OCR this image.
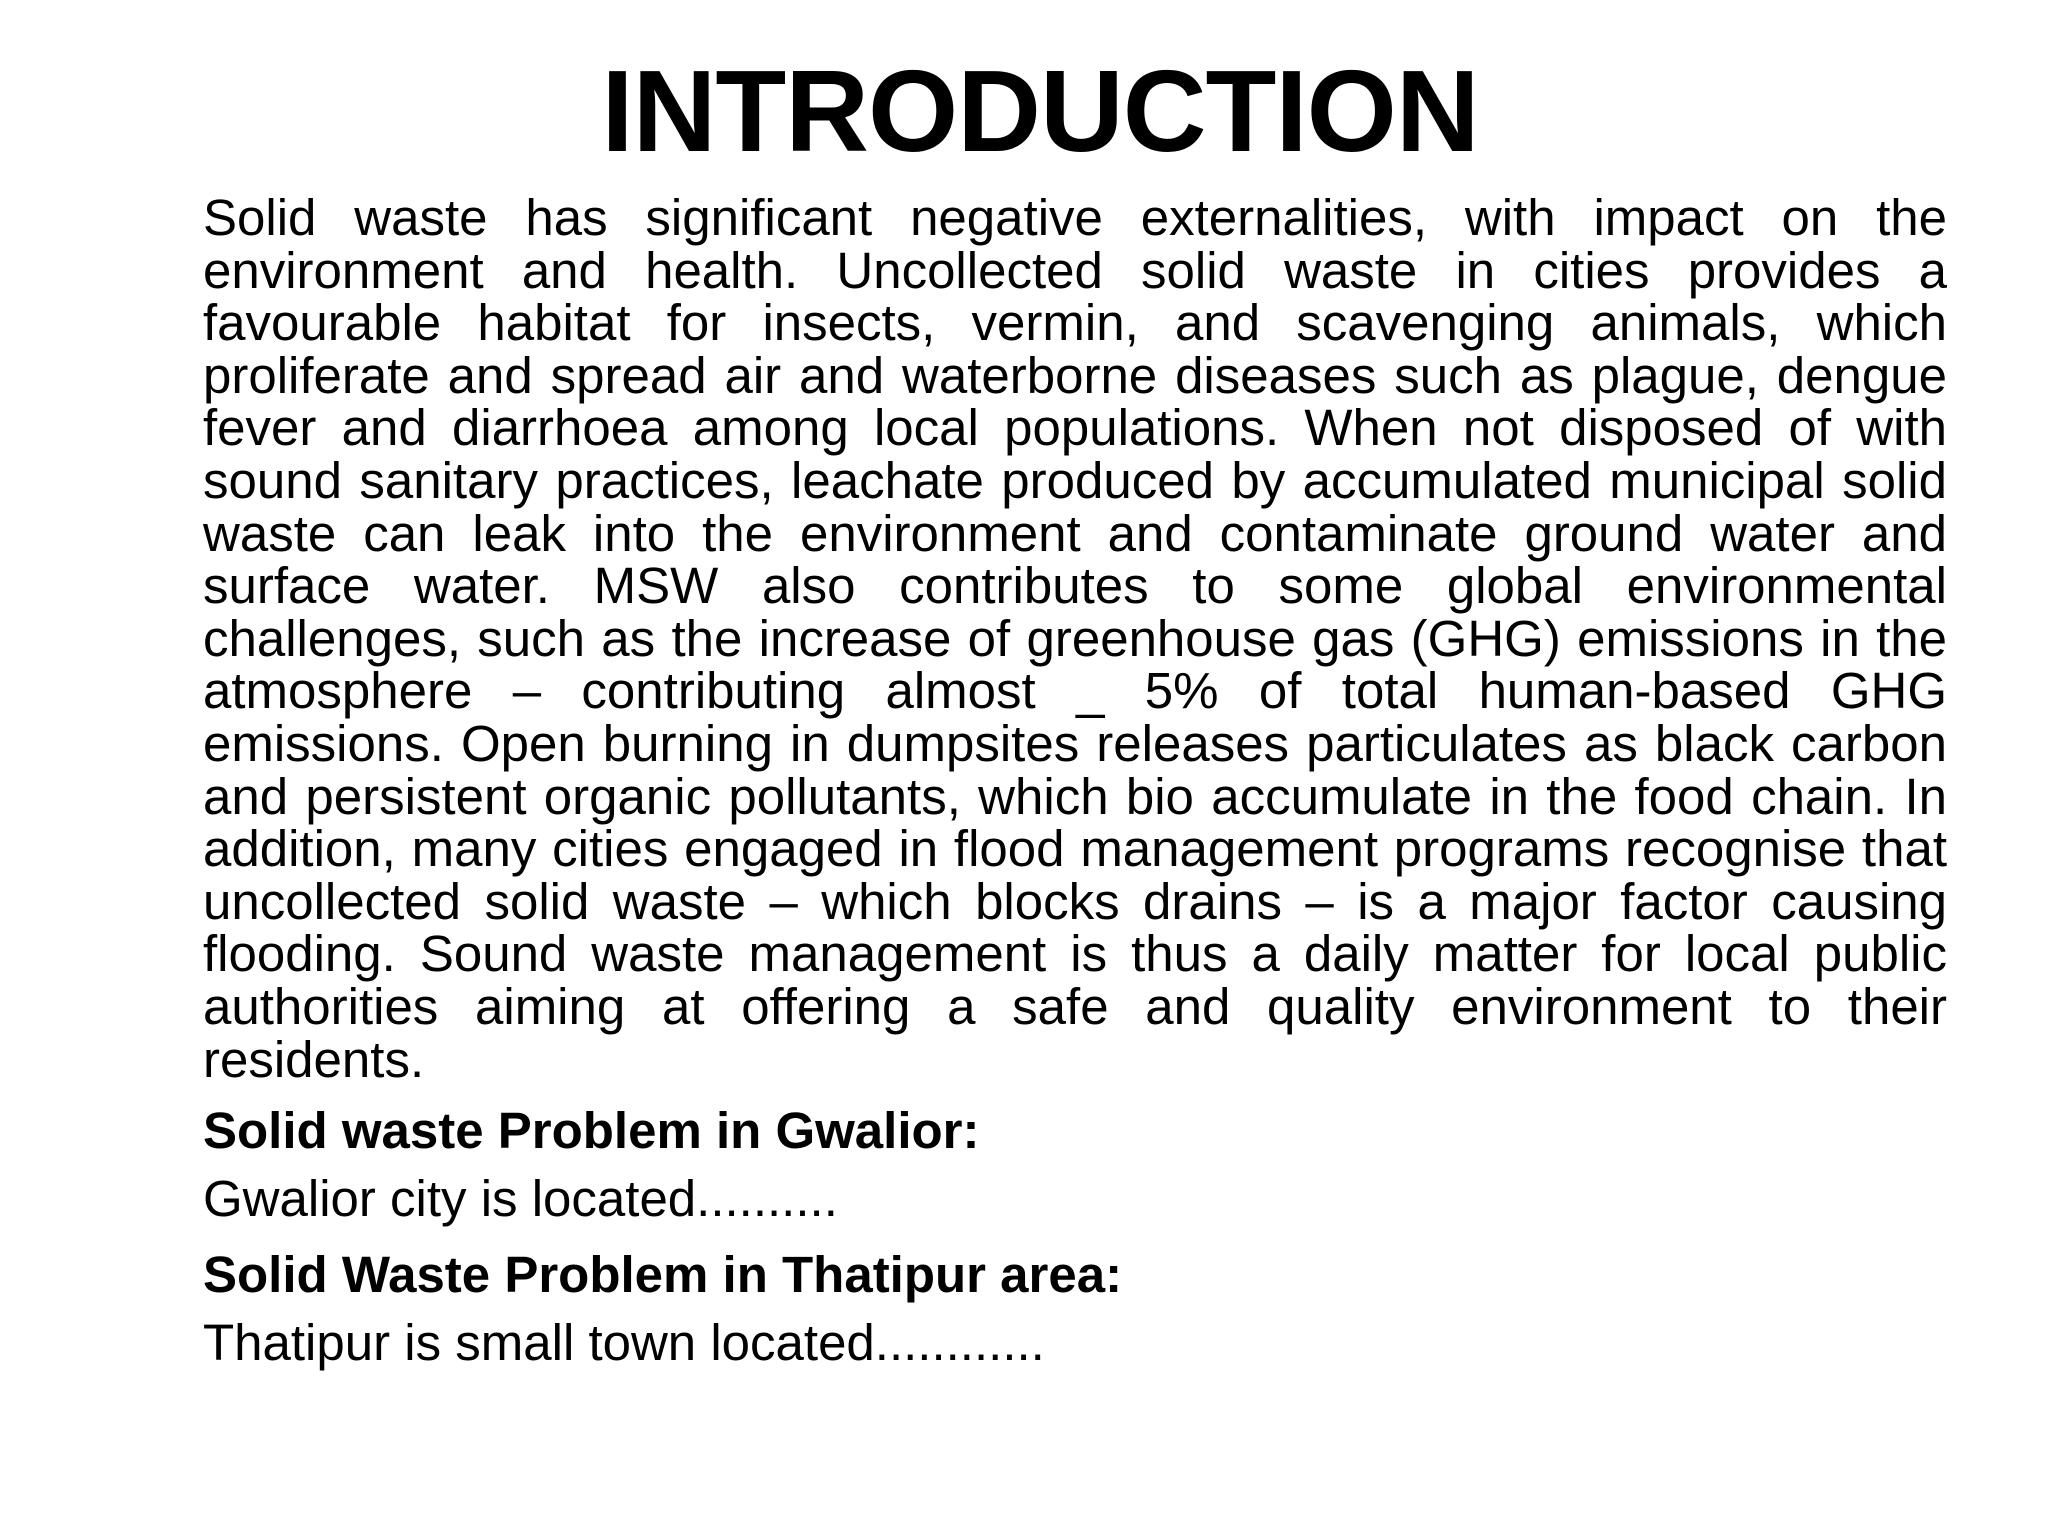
INTRODUCTION

Solid waste has significant negative externalities, with impact on the environment and health. Uncollected solid waste in cities provides a favourable habitat for insects, vermin, and scavenging animals, which proliferate and spread air and waterborne diseases such as plague, dengue fever and diarrhoea among local populations. When not disposed of with sound sanitary practices, leachate produced by accumulated municipal solid waste can leak into the environment and contaminate ground water and surface water. MSW also contributes to some global environmental challenges, such as the increase of greenhouse gas (GHG) emissions in the atmosphere – contributing almost _ 5% of total human-based GHG emissions. Open burning in dumpsites releases particulates as black carbon and persistent organic pollutants, which bio accumulate in the food chain. In addition, many cities engaged in flood management programs recognise that uncollected solid waste – which blocks drains – is a major factor causing flooding. Sound waste management is thus a daily matter for local public authorities aiming at offering a safe and quality environment to their residents.

Solid waste Problem in Gwalior:

Gwalior city is located..........

Solid Waste Problem in Thatipur area:

Thatipur is small town located............
